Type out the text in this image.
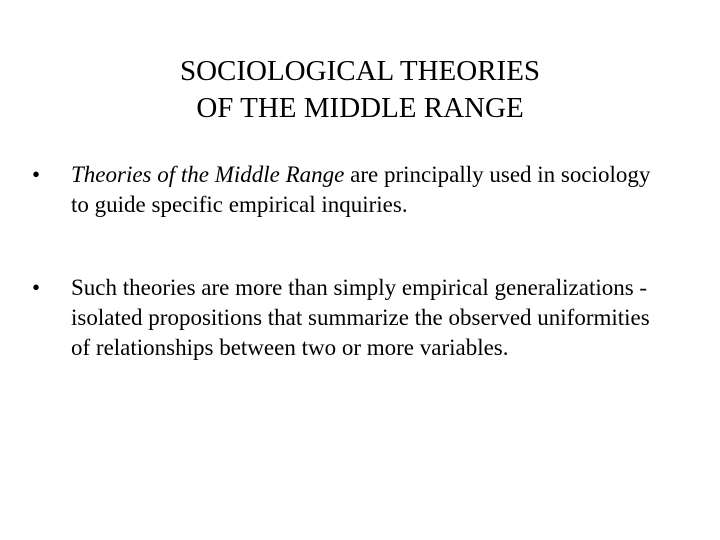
SOCIOLOGICAL THEORIES
OF THE MIDDLE RANGE
•	Theories of the Middle Range are principally used in sociology to guide specific empirical inquiries.
•	Such theories are more than simply empirical generalizations - isolated propositions that summarize the observed uniformities of relationships between two or more variables.
